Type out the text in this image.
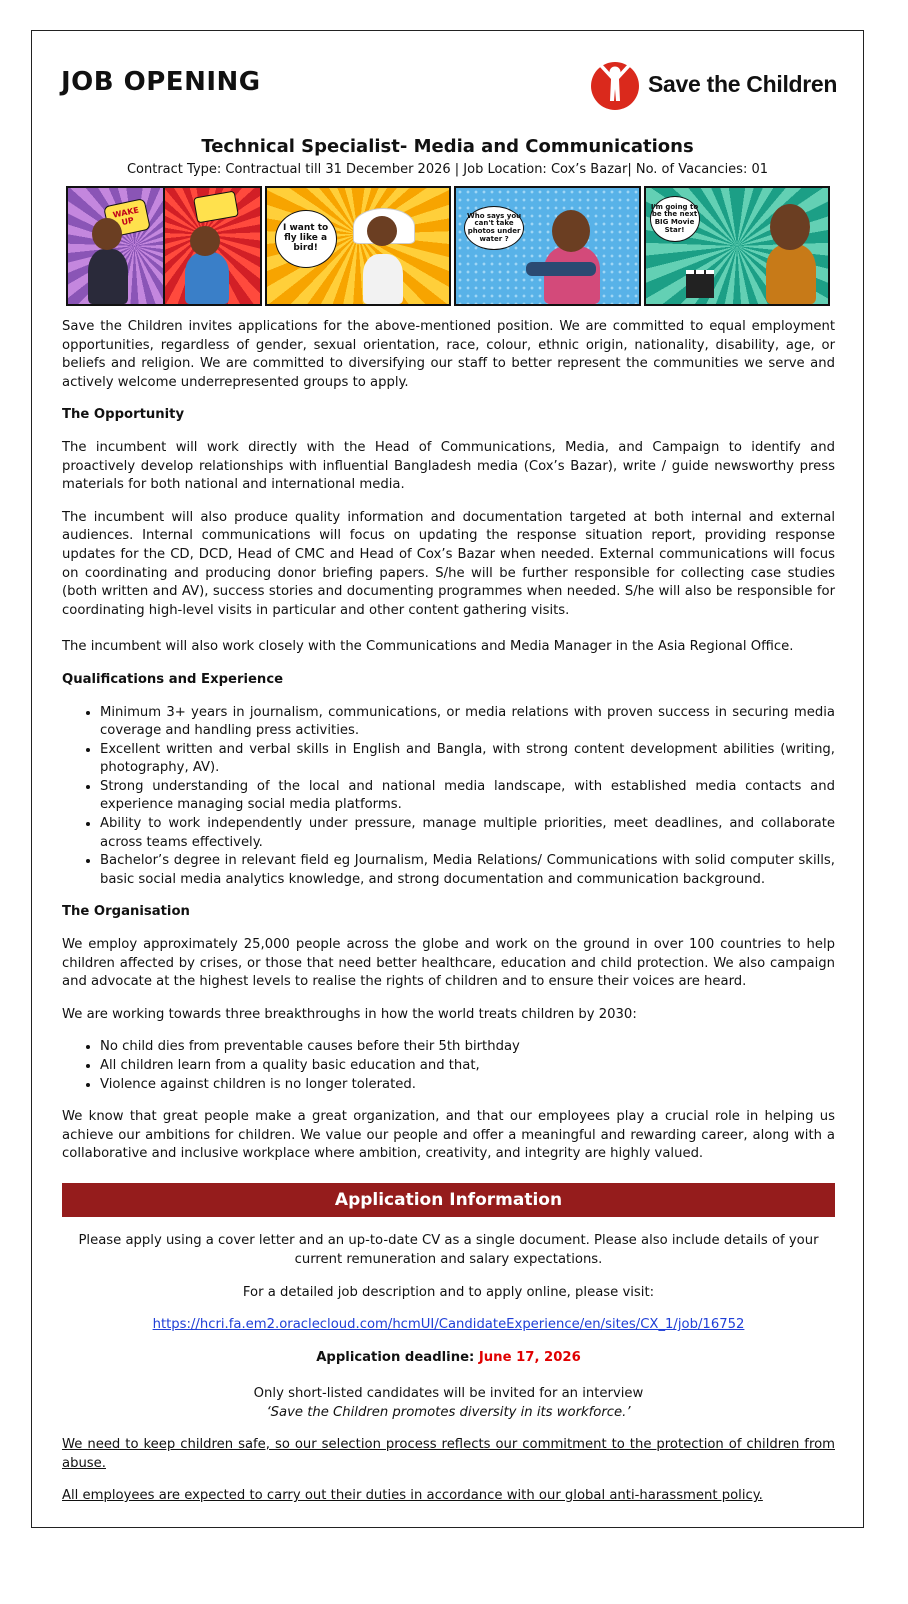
JOB OPENING	Save the Children
Technical Specialist- Media and Communications
Contract Type: Contractual till 31 December 2026 | Job Location: Cox’s Bazar| No. of Vacancies: 01
WAKE UP
I want to fly like a bird!
Who says you can't take photos under water ?
I'm going to be the next BIG Movie Star!

Save the Children invites applications for the above-mentioned position. We are committed to equal employment opportunities, regardless of gender, sexual orientation, race, colour, ethnic origin, nationality, disability, age, or beliefs and religion. We are committed to diversifying our staff to better represent the communities we serve and actively welcome underrepresented groups to apply.

The Opportunity

The incumbent will work directly with the Head of Communications, Media, and Campaign to identify and proactively develop relationships with influential Bangladesh media (Cox’s Bazar), write / guide newsworthy press materials for both national and international media.

The incumbent will also produce quality information and documentation targeted at both internal and external audiences. Internal communications will focus on updating the response situation report, providing response updates for the CD, DCD, Head of CMC and Head of Cox’s Bazar when needed. External communications will focus on coordinating and producing donor briefing papers. S/he will be further responsible for collecting case studies (both written and AV), success stories and documenting programmes when needed. S/he will also be responsible for coordinating high-level visits in particular and other content gathering visits.

The incumbent will also work closely with the Communications and Media Manager in the Asia Regional Office.

Qualifications and Experience
• Minimum 3+ years in journalism, communications, or media relations with proven success in securing media coverage and handling press activities.
• Excellent written and verbal skills in English and Bangla, with strong content development abilities (writing, photography, AV).
• Strong understanding of the local and national media landscape, with established media contacts and experience managing social media platforms.
• Ability to work independently under pressure, manage multiple priorities, meet deadlines, and collaborate across teams effectively.
• Bachelor’s degree in relevant field eg Journalism, Media Relations/ Communications with solid computer skills, basic social media analytics knowledge, and strong documentation and communication background.
The Organisation

We employ approximately 25,000 people across the globe and work on the ground in over 100 countries to help children affected by crises, or those that need better healthcare, education and child protection. We also campaign and advocate at the highest levels to realise the rights of children and to ensure their voices are heard.

We are working towards three breakthroughs in how the world treats children by 2030:

• No child dies from preventable causes before their 5th birthday
• All children learn from a quality basic education and that,
• Violence against children is no longer tolerated.

We know that great people make a great organization, and that our employees play a crucial role in helping us achieve our ambitions for children. We value our people and offer a meaningful and rewarding career, along with a collaborative and inclusive workplace where ambition, creativity, and integrity are highly valued.

Application Information
Please apply using a cover letter and an up-to-date CV as a single document. Please also include details of your current remuneration and salary expectations.
For a detailed job description and to apply online, please visit:
https://hcri.fa.em2.oraclecloud.com/hcmUI/CandidateExperience/en/sites/CX_1/job/16752
Application deadline: June 17, 2026
Only short-listed candidates will be invited for an interview
‘Save the Children promotes diversity in its workforce.’
We need to keep children safe, so our selection process reflects our commitment to the protection of children from abuse.
All employees are expected to carry out their duties in accordance with our global anti-harassment policy.
